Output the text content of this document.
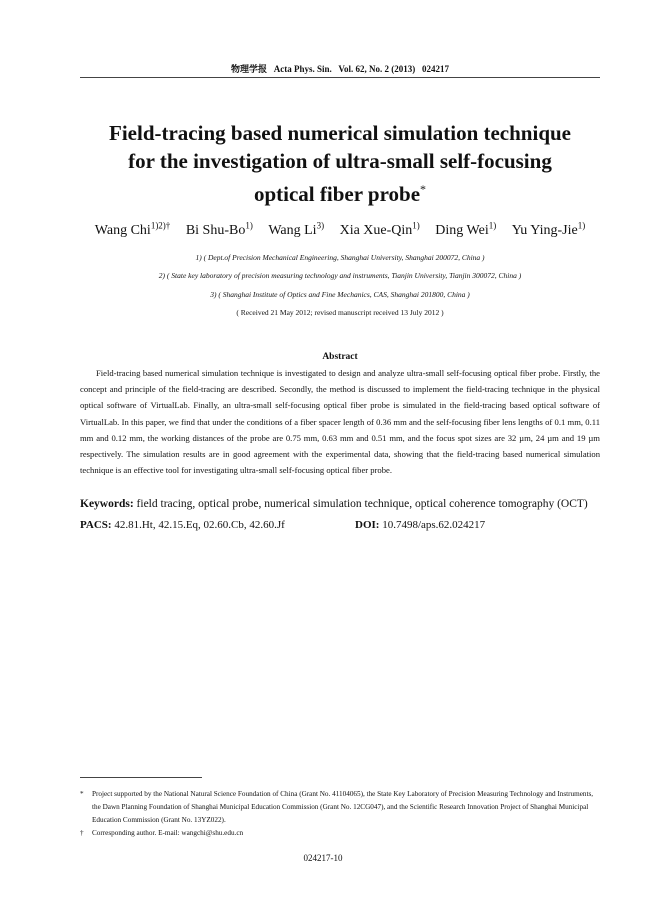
物理学报 Acta Phys. Sin. Vol. 62, No. 2 (2013) 024217
Field-tracing based numerical simulation technique
for the investigation of ultra-small self-focusing
optical fiber probe*
Wang Chi$^{1)2)\dagger}$ Bi Shu-Bo$^{1)}$ Wang Li$^{3)}$ Xia Xue-Qin$^{1)}$ Ding Wei$^{1)}$ Yu Ying-Jie$^{1)}$
1) ( Dept.of Precision Mechanical Engineering, Shanghai University, Shanghai 200072, China )
2) ( State key laboratory of precision measuring technology and instruments, Tianjin University, Tianjin 300072, China )
3) ( Shanghai Institute of Optics and Fine Mechanics, CAS, Shanghai 201800, China )
( Received 21 May 2012; revised manuscript received 13 July 2012 )
Abstract

Field-tracing based numerical simulation technique is investigated to design and analyze ultra-small self-focusing optical fiber probe. Firstly, the concept and principle of the field-tracing are described. Secondly, the method is discussed to implement the field-tracing technique in the physical optical software of VirtualLab. Finally, an ultra-small self-focusing optical fiber probe is simulated in the field-tracing based optical software of VirtualLab. In this paper, we find that under the conditions of a fiber spacer length of 0.36 mm and the self-focusing fiber lens lengths of 0.1 mm, 0.11 mm and 0.12 mm, the working distances of the probe are 0.75 mm, 0.63 mm and 0.51 mm, and the focus spot sizes are 32 µm, 24 µm and 19 µm respectively. The simulation results are in good agreement with the experimental data, showing that the field-tracing based numerical simulation technique is an effective tool for investigating ultra-small self-focusing optical fiber probe.

Keywords: field tracing, optical probe, numerical simulation technique, optical coherence tomography (OCT)
PACS: 42.81.Ht, 42.15.Eq, 02.60.Cb, 42.60.Jf	DOI: 10.7498/aps.62.024217

* Project supported by the National Natural Science Foundation of China (Grant No. 41104065), the State Key Laboratory of Precision Measuring Technology and Instruments, the Dawn Planning Foundation of Shanghai Municipal Education Commission (Grant No. 12CG047), and the Scientific Research Innovation Project of Shanghai Municipal Education Commission (Grant No. 13YZ022).

† Corresponding author. E-mail: wangchi@shu.edu.cn

024217-10
